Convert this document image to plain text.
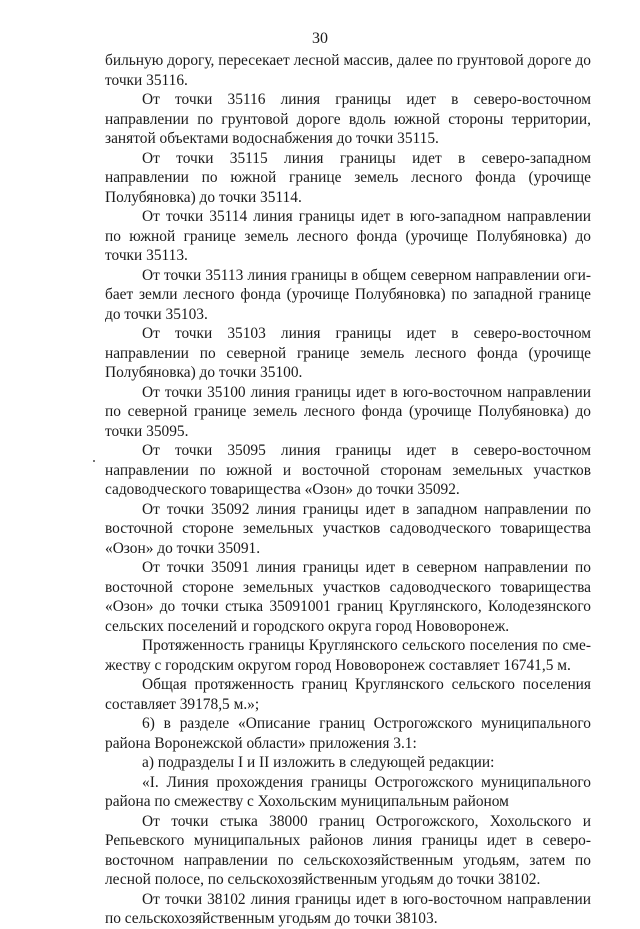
30

бильную дорогу, пересекает лесной массив, далее по грунтовой дороге до точки 35116.

От точки 35116 линия границы идет в северо-восточном направлении по грунтовой дороге вдоль южной стороны территории, занятой объектами водоснабжения до точки 35115.

От точки 35115 линия границы идет в северо-западном направлении по южной границе земель лесного фонда (урочище Полубяновка) до точки 35114.

От точки 35114 линия границы идет в юго-западном направлении по южной границе земель лесного фонда (урочище Полубяновка) до точки 35113.

От точки 35113 линия границы в общем северном направлении огибает земли лесного фонда (урочище Полубяновка) по западной границе до точки 35103.

От точки 35103 линия границы идет в северо-восточном направлении по северной границе земель лесного фонда (урочище Полубяновка) до точки 35100.

От точки 35100 линия границы идет в юго-восточном направлении по северной границе земель лесного фонда (урочище Полубяновка) до точки 35095.

От точки 35095 линия границы идет в северо-восточном направлении по южной и восточной сторонам земельных участков садоводческого товарищества «Озон» до точки 35092.

От точки 35092 линия границы идет в западном направлении по восточной стороне земельных участков садоводческого товарищества «Озон» до точки 35091.

От точки 35091 линия границы идет в северном направлении по восточной стороне земельных участков садоводческого товарищества «Озон» до точки стыка 35091001 границ Круглянского, Колодезянского сельских поселений и городского округа город Нововоронеж.

Протяженность границы Круглянского сельского поселения по смежеству с городским округом город Нововоронеж составляет 16741,5 м.

Общая протяженность границ Круглянского сельского поселения составляет 39178,5 м.»;

6) в разделе «Описание границ Острогожского муниципального района Воронежской области» приложения 3.1:

а) подразделы I и II изложить в следующей редакции:

«I. Линия прохождения границы Острогожского муниципального района по смежеству с Хохольским муниципальным районом

От точки стыка 38000 границ Острогожского, Хохольского и Репьевского муниципальных районов линия границы идет в северо-восточном направлении по сельскохозяйственным угодьям, затем по лесной полосе, по сельскохозяйственным угодьям до точки 38102.

От точки 38102 линия границы идет в юго-восточном направлении по сельскохозяйственным угодьям до точки 38103.
